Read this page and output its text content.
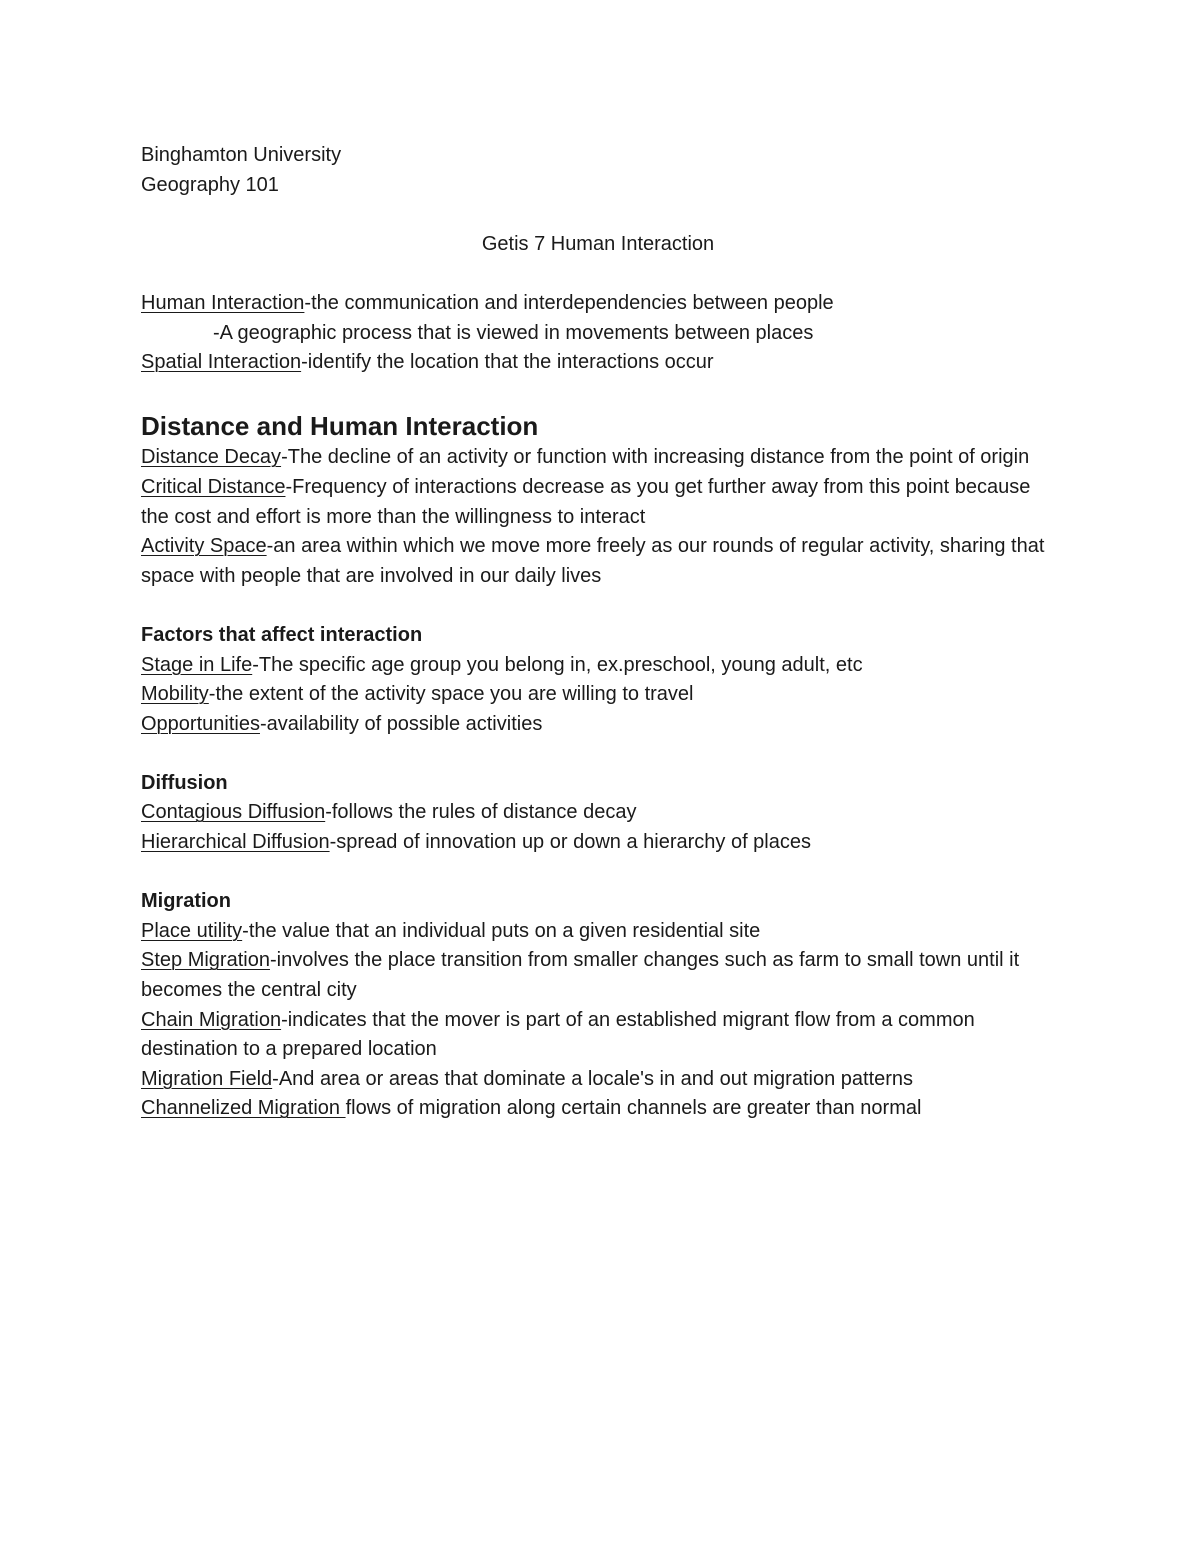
Binghamton University

Geography 101

Getis 7 Human Interaction

Human Interaction-the communication and interdependencies between people

-A geographic process that is viewed in movements between places

Spatial Interaction-identify the location that the interactions occur

Distance and Human Interaction

Distance Decay-The decline of an activity or function with increasing distance from the point of origin

Critical Distance-Frequency of interactions decrease as you get further away from this point because the cost and effort is more than the willingness to interact

Activity Space-an area within which we move more freely as our rounds of regular activity, sharing that space with people that are involved in our daily lives

Factors that affect interaction

Stage in Life-The specific age group you belong in, ex.preschool, young adult, etc

Mobility-the extent of the activity space you are willing to travel

Opportunities-availability of possible activities

Diffusion

Contagious Diffusion-follows the rules of distance decay

Hierarchical Diffusion-spread of innovation up or down a hierarchy of places

Migration

Place utility-the value that an individual puts on a given residential site

Step Migration-involves the place transition from smaller changes such as farm to small town until it becomes the central city

Chain Migration-indicates that the mover is part of an established migrant flow from a common destination to a prepared location

Migration Field-And area or areas that dominate a locale's in and out migration patterns

Channelized Migration flows of migration along certain channels are greater than normal
